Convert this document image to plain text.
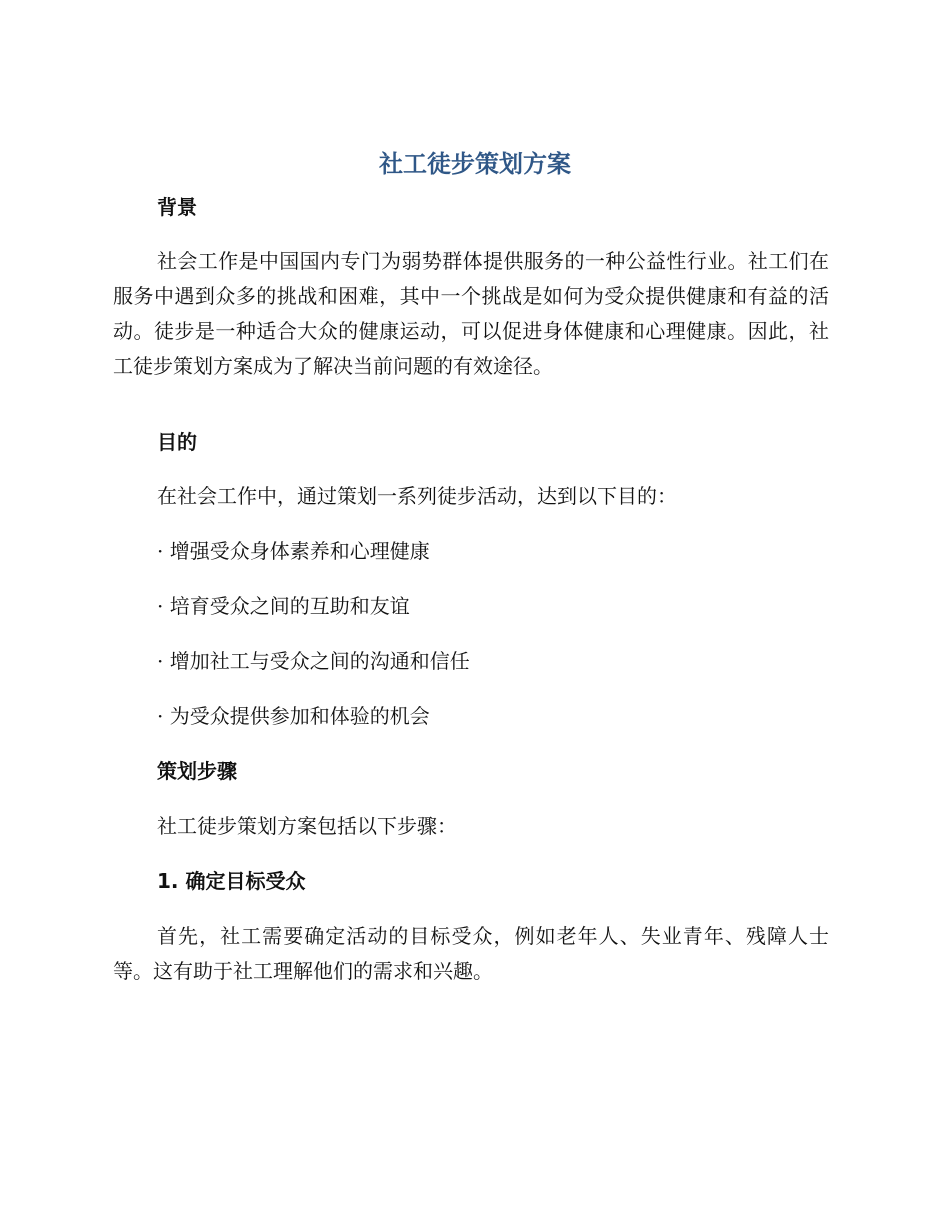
社工徒步策划方案
背景

社会工作是中国国内专门为弱势群体提供服务的一种公益性行业。社工们在服务中遇到众多的挑战和困难，其中一个挑战是如何为受众提供健康和有益的活动。徒步是一种适合大众的健康运动，可以促进身体健康和心理健康。因此，社工徒步策划方案成为了解决当前问题的有效途径。

目的

在社会工作中，通过策划一系列徒步活动，达到以下目的：

· 增强受众身体素养和心理健康

· 培育受众之间的互助和友谊

· 增加社工与受众之间的沟通和信任

· 为受众提供参加和体验的机会

策划步骤

社工徒步策划方案包括以下步骤：

1. 确定目标受众

首先，社工需要确定活动的目标受众，例如老年人、失业青年、残障人士等。这有助于社工理解他们的需求和兴趣。
